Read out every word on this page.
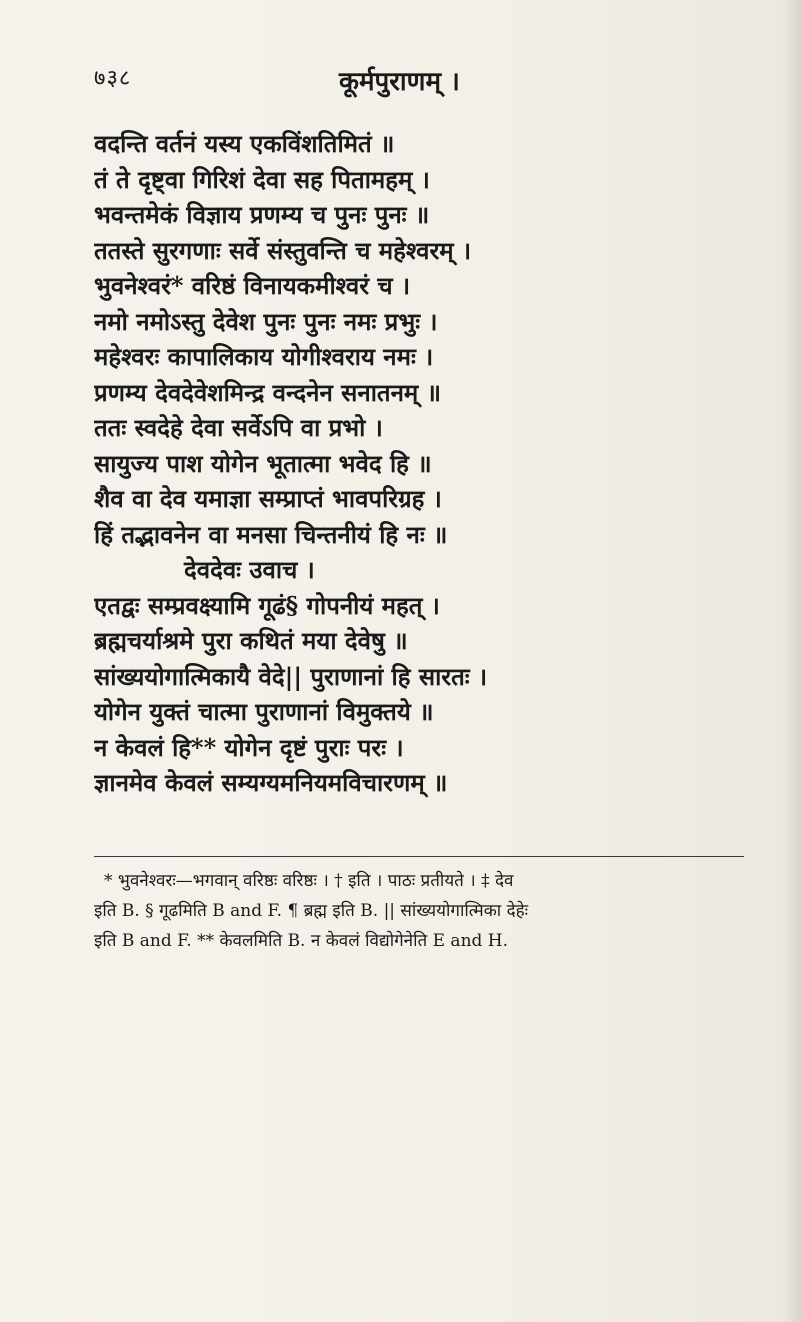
७३८	कूर्मपुराणम् ।
वदन्ति वर्तनं यस्य एकविंशतिमितं ॥
तं ते दृष्ट्वा गिरिशं देवा सह पितामहम् ।
भवन्तमेकं विज्ञाय प्रणम्य च पुनः पुनः ॥
ततस्ते सुरगणाः सर्वे संस्तुवन्ति च महेश्वरम् ।
भुवनेश्वरं* वरिष्ठं विनायकमीश्वरं च ।
नमो नमोऽस्तु देवेश पुनः पुनः नमः प्रभुः ।
महेश्वरः कापालिकाय योगीश्वराय नमः ।
प्रणम्य देवदेवेशमिन्द्र वन्दनेन सनातनम् ॥
ततः स्वदेहे देवा सर्वेऽपि वा प्रभो ।
सायुज्य पाश योगेन भूतात्मा भवेद हि ॥
शैव वा देव यमाज्ञा सम्प्राप्तं भावपरिग्रह ।
हिं तद्भावनेन वा मनसा चिन्तनीयं हि नः ॥
देवदेवः उवाच ।
एतद्वः सम्प्रवक्ष्यामि गूढं§ गोपनीयं महत् ।
ब्रह्मचर्याश्रमे पुरा कथितं मया देवेषु ॥
सांख्ययोगात्मिकायै वेदे|| पुराणानां हि सारतः ।
योगेन युक्तं चात्मा पुराणानां विमुक्तये ॥
न केवलं हि** योगेन दृष्टं पुराः परः ।
ज्ञानमेव केवलं सम्यग्यमनियमविचारणम् ॥
* भुवनेश्वरः—भगवान् वरिष्ठः वरिष्ठः । † इति । पाठः प्रतीयते । ‡ देव
इति B. § गूढमिति B and F. ¶ ब्रह्म इति B. || सांख्ययोगात्मिका देहेः
इति B and F. ** केवलमिति B. न केवलं विद्योगेनेति E and H.
